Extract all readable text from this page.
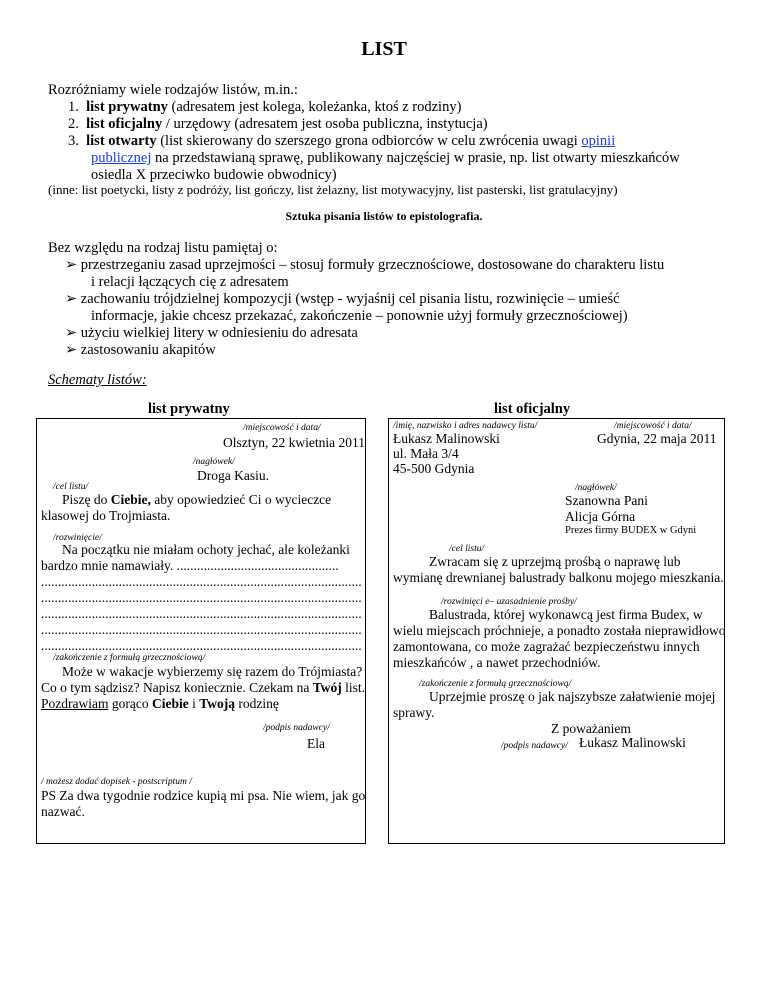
LIST
Rozróżniamy wiele rodzajów listów, m.in.:
1. list prywatny (adresatem jest kolega, koleżanka, ktoś z rodziny)
2. list oficjalny / urzędowy (adresatem jest osoba publiczna, instytucja)
3. list otwarty (list skierowany do szerszego grona odbiorców w celu zwrócenia uwagi opinii
publicznej na przedstawianą sprawę, publikowany najczęściej w prasie, np. list otwarty mieszkańców
osiedla X przeciwko budowie obwodnicy)
(inne: list poetycki, listy z podróży, list gończy, list żelazny, list motywacyjny, list pasterski, list gratulacyjny)
Sztuka pisania listów to epistolografia.
Bez względu na rodzaj listu pamiętaj o:
➢ przestrzeganiu zasad uprzejmości – stosuj formuły grzecznościowe, dostosowane do charakteru listu
i relacji łączących cię z adresatem
➢ zachowaniu trójdzielnej kompozycji (wstęp - wyjaśnij cel pisania listu, rozwinięcie – umieść
informacje, jakie chcesz przekazać, zakończenie – ponownie użyj formuły grzecznościowej)
➢ użyciu wielkiej litery w odniesieniu do adresata
➢ zastosowaniu akapitów
Schematy listów:
list prywatny	list oficjalny
/miejscowość i data/
Olsztyn, 22 kwietnia 2011
/nagłówek/
Droga Kasiu.
/cel listu/
Piszę do Ciebie, aby opowiedzieć Ci o wycieczce
klasowej do Trojmiasta.
/rozwinięcie/
Na początku nie miałam ochoty jechać, ale koleżanki
bardzo mnie namawiały. ................................................
...............................................................................................
...............................................................................................
...............................................................................................
...............................................................................................
...............................................................................................
/zakończenie z formułą grzecznościową/
Może w wakacje wybierzemy się razem do Trójmiasta?
Co o tym sądzisz? Napisz koniecznie. Czekam na Twój list.
Pozdrawiam gorąco Ciebie i Twoją rodzinę
/podpis nadawcy/
Ela
/ możesz dodać dopisek - postscriptum /
PS Za dwa tygodnie rodzice kupią mi psa. Nie wiem, jak go
nazwać.
/imię, nazwisko i adres nadawcy listu/	/miejscowość i data/
Łukasz Malinowski
ul. Mała 3/4
45-500 Gdynia
Gdynia, 22 maja 2011
/nagłówek/
Szanowna Pani
Alicja Górna
Prezes firmy BUDEX w Gdyni
/cel listu/
Zwracam się z uprzejmą prośbą o naprawę lub
wymianę drewnianej balustrady balkonu mojego mieszkania.
/rozwinięci e– uzasadnienie prośby/
Balustrada, której wykonawcą jest firma Budex, w
wielu miejscach próchnieje, a ponadto została nieprawidłowo
zamontowana, co może zagrażać bezpieczeństwu innych
mieszkańców , a nawet przechodniów.
/zakończenie z formułą grzecznościową/
Uprzejmie proszę o jak najszybsze załatwienie mojej
sprawy.
Z poważaniem
/podpis nadawcy/ Łukasz Malinowski
